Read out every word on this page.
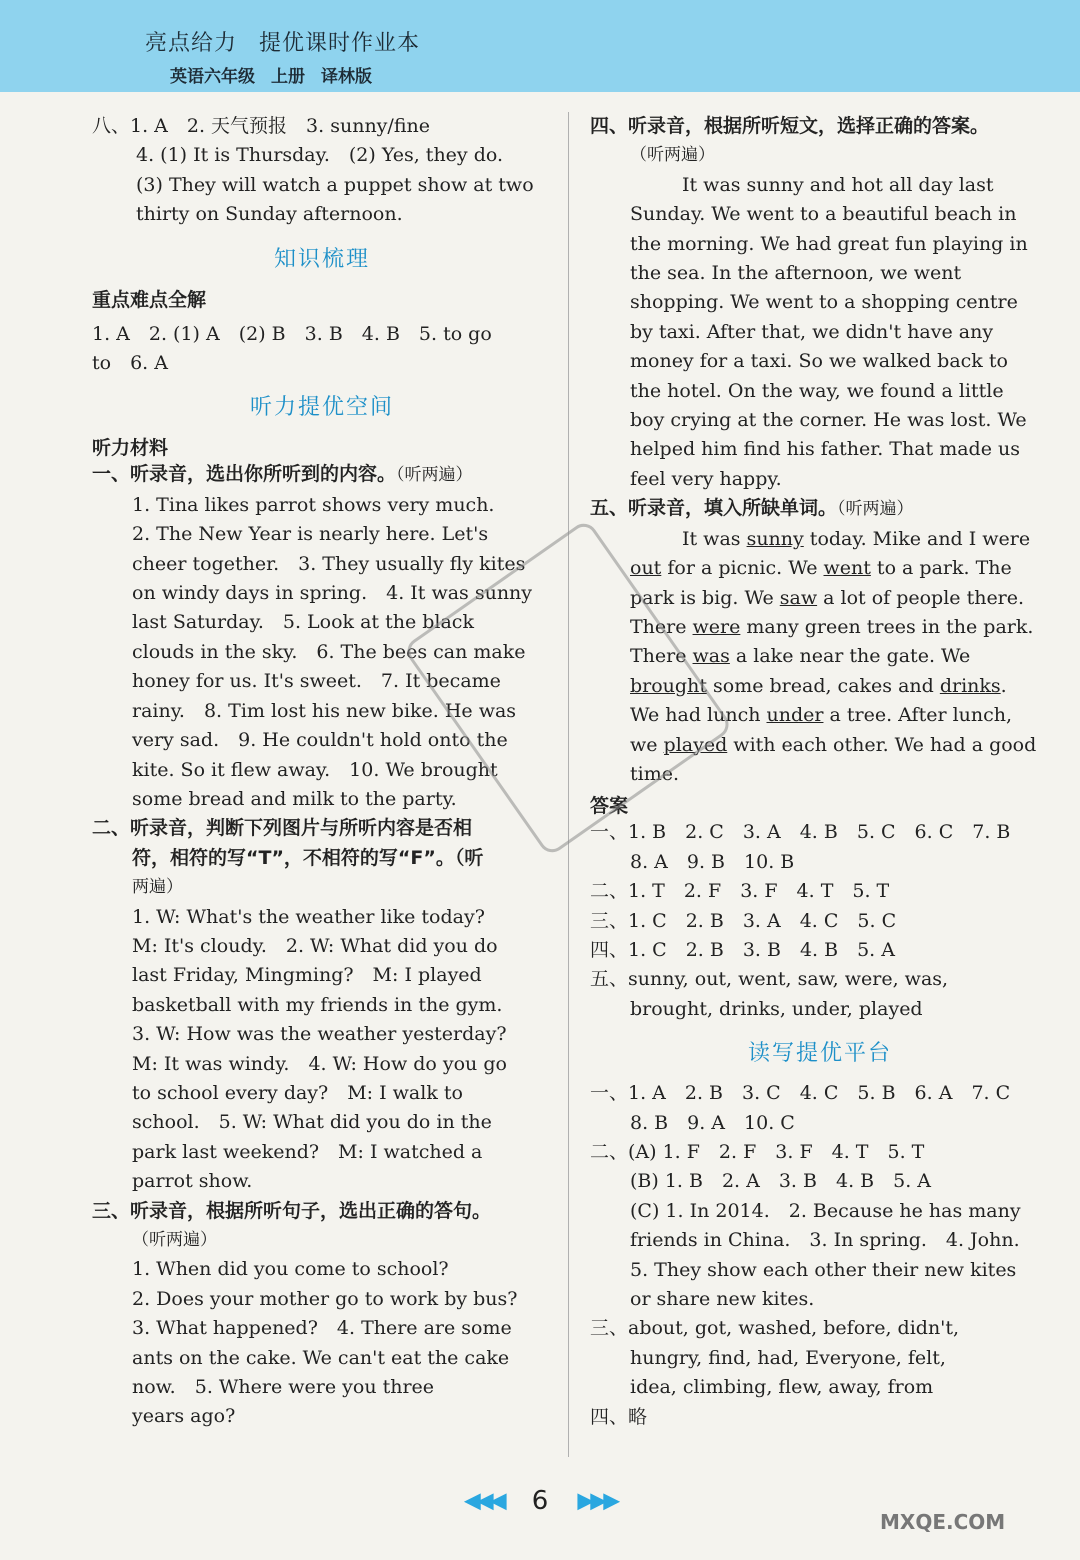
亮点给力 提优课时作业本
英语六年级 上册 译林版
八、1. A　2. 天气预报　3. sunny/fine
4. (1) It is Thursday.　(2) Yes, they do.
(3) They will watch a puppet show at two
thirty on Sunday afternoon.
知识梳理
重点难点全解
1. A　2. (1) A　(2) B　3. B　4. B　5. to go
to　6. A
听力提优空间
听力材料
一、听录音，选出你所听到的内容。（听两遍）
1. Tina likes parrot shows very much.
2. The New Year is nearly here. Let's
cheer together.　3. They usually fly kites
on windy days in spring.　4. It was sunny
last Saturday.　5. Look at the black
clouds in the sky.　6. The bees can make
honey for us. It's sweet.　7. It became
rainy.　8. Tim lost his new bike. He was
very sad.　9. He couldn't hold onto the
kite. So it flew away.　10. We brought
some bread and milk to the party.
二、听录音，判断下列图片与所听内容是否相
符，相符的写“T”，不相符的写“F”。（听
两遍）
1. W: What's the weather like today?
M: It's cloudy.　2. W: What did you do
last Friday, Mingming?　M: I played
basketball with my friends in the gym.
3. W: How was the weather yesterday?
M: It was windy.　4. W: How do you go
to school every day?　M: I walk to
school.　5. W: What did you do in the
park last weekend?　M: I watched a
parrot show.
三、听录音，根据所听句子，选出正确的答句。
（听两遍）
1. When did you come to school?
2. Does your mother go to work by bus?
3. What happened?　4. There are some
ants on the cake. We can't eat the cake
now.　5. Where were you three
years ago?
四、听录音，根据所听短文，选择正确的答案。
（听两遍）
It was sunny and hot all day last
Sunday. We went to a beautiful beach in
the morning. We had great fun playing in
the sea. In the afternoon, we went
shopping. We went to a shopping centre
by taxi. After that, we didn't have any
money for a taxi. So we walked back to
the hotel. On the way, we found a little
boy crying at the corner. He was lost. We
helped him find his father. That made us
feel very happy.
五、听录音，填入所缺单词。（听两遍）
It was sunny today. Mike and I were
out for a picnic. We went to a park. The
park is big. We saw a lot of people there.
There were many green trees in the park.
There was a lake near the gate. We
brought some bread, cakes and drinks.
We had lunch under a tree. After lunch,
we played with each other. We had a good
time.
答案
一、1. B　2. C　3. A　4. B　5. C　6. C　7. B
8. A　9. B　10. B
二、1. T　2. F　3. F　4. T　5. T
三、1. C　2. B　3. A　4. C　5. C
四、1. C　2. B　3. B　4. B　5. A
五、sunny, out, went, saw, were, was,
brought, drinks, under, played
读写提优平台
一、1. A　2. B　3. C　4. C　5. B　6. A　7. C
8. B　9. A　10. C
二、(A) 1. F　2. F　3. F　4. T　5. T
(B) 1. B　2. A　3. B　4. B　5. A
(C) 1. In 2014.　2. Because he has many
friends in China.　3. In spring.　4. John.
5. They show each other their new kites
or share new kites.
三、about, got, washed, before, didn't,
hungry, find, had, Everyone, felt,
idea, climbing, flew, away, from
四、略
◀◀◀ 6 ▶▶▶
MXQE.COM
